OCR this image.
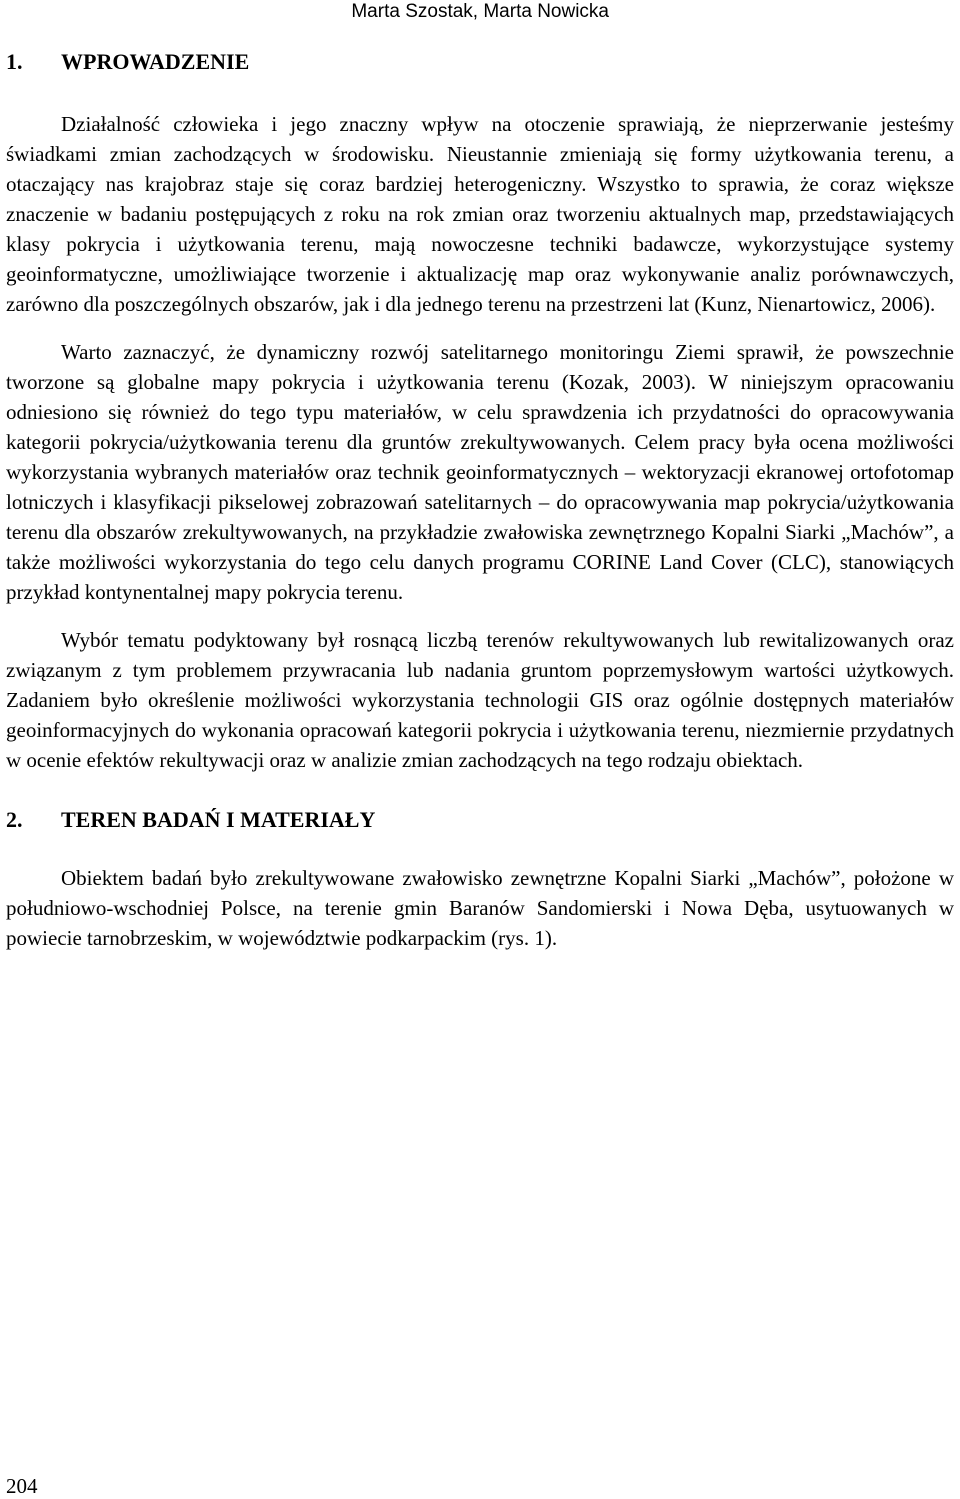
Marta Szostak, Marta Nowicka
1.	WPROWADZENIE

Działalność człowieka i jego znaczny wpływ na otoczenie sprawiają, że nieprzerwanie jesteśmy świadkami zmian zachodzących w środowisku. Nieustannie zmieniają się formy użytkowania terenu, a otaczający nas krajobraz staje się coraz bardziej heterogeniczny. Wszystko to sprawia, że coraz większe znaczenie w badaniu postępujących z roku na rok zmian oraz tworzeniu aktualnych map, przedstawiających klasy pokrycia i użytkowania terenu, mają nowoczesne techniki badawcze, wykorzystujące systemy geoinformatyczne, umożliwiające tworzenie i aktualizację map oraz wykonywanie analiz porównawczych, zarówno dla poszczególnych obszarów, jak i dla jednego terenu na przestrzeni lat (Kunz, Nienartowicz, 2006).

Warto zaznaczyć, że dynamiczny rozwój satelitarnego monitoringu Ziemi sprawił, że powszechnie tworzone są globalne mapy pokrycia i użytkowania terenu (Kozak, 2003). W niniejszym opracowaniu odniesiono się również do tego typu materiałów, w celu sprawdzenia ich przydatności do opracowywania kategorii pokrycia/użytkowania terenu dla gruntów zrekultywowanych. Celem pracy była ocena możliwości wykorzystania wybranych materiałów oraz technik geoinformatycznych – wektoryzacji ekranowej ortofotomap lotniczych i klasyfikacji pikselowej zobrazowań satelitarnych – do opracowywania map pokrycia/użytkowania terenu dla obszarów zrekultywowanych, na przykładzie zwałowiska zewnętrznego Kopalni Siarki „Machów”, a także możliwości wykorzystania do tego celu danych programu CORINE Land Cover (CLC), stanowiących przykład kontynentalnej mapy pokrycia terenu.

Wybór tematu podyktowany był rosnącą liczbą terenów rekultywowanych lub rewitalizowanych oraz związanym z tym problemem przywracania lub nadania gruntom poprzemysłowym wartości użytkowych. Zadaniem było określenie możliwości wykorzystania technologii GIS oraz ogólnie dostępnych materiałów geoinformacyjnych do wykonania opracowań kategorii pokrycia i użytkowania terenu, niezmiernie przydatnych w ocenie efektów rekultywacji oraz w analizie zmian zachodzących na tego rodzaju obiektach.

2.	TEREN BADAŃ I MATERIAŁY

Obiektem badań było zrekultywowane zwałowisko zewnętrzne Kopalni Siarki „Machów”, położone w południowo-wschodniej Polsce, na terenie gmin Baranów Sandomierski i Nowa Dęba, usytuowanych w powiecie tarnobrzeskim, w województwie podkarpackim (rys. 1).

204
